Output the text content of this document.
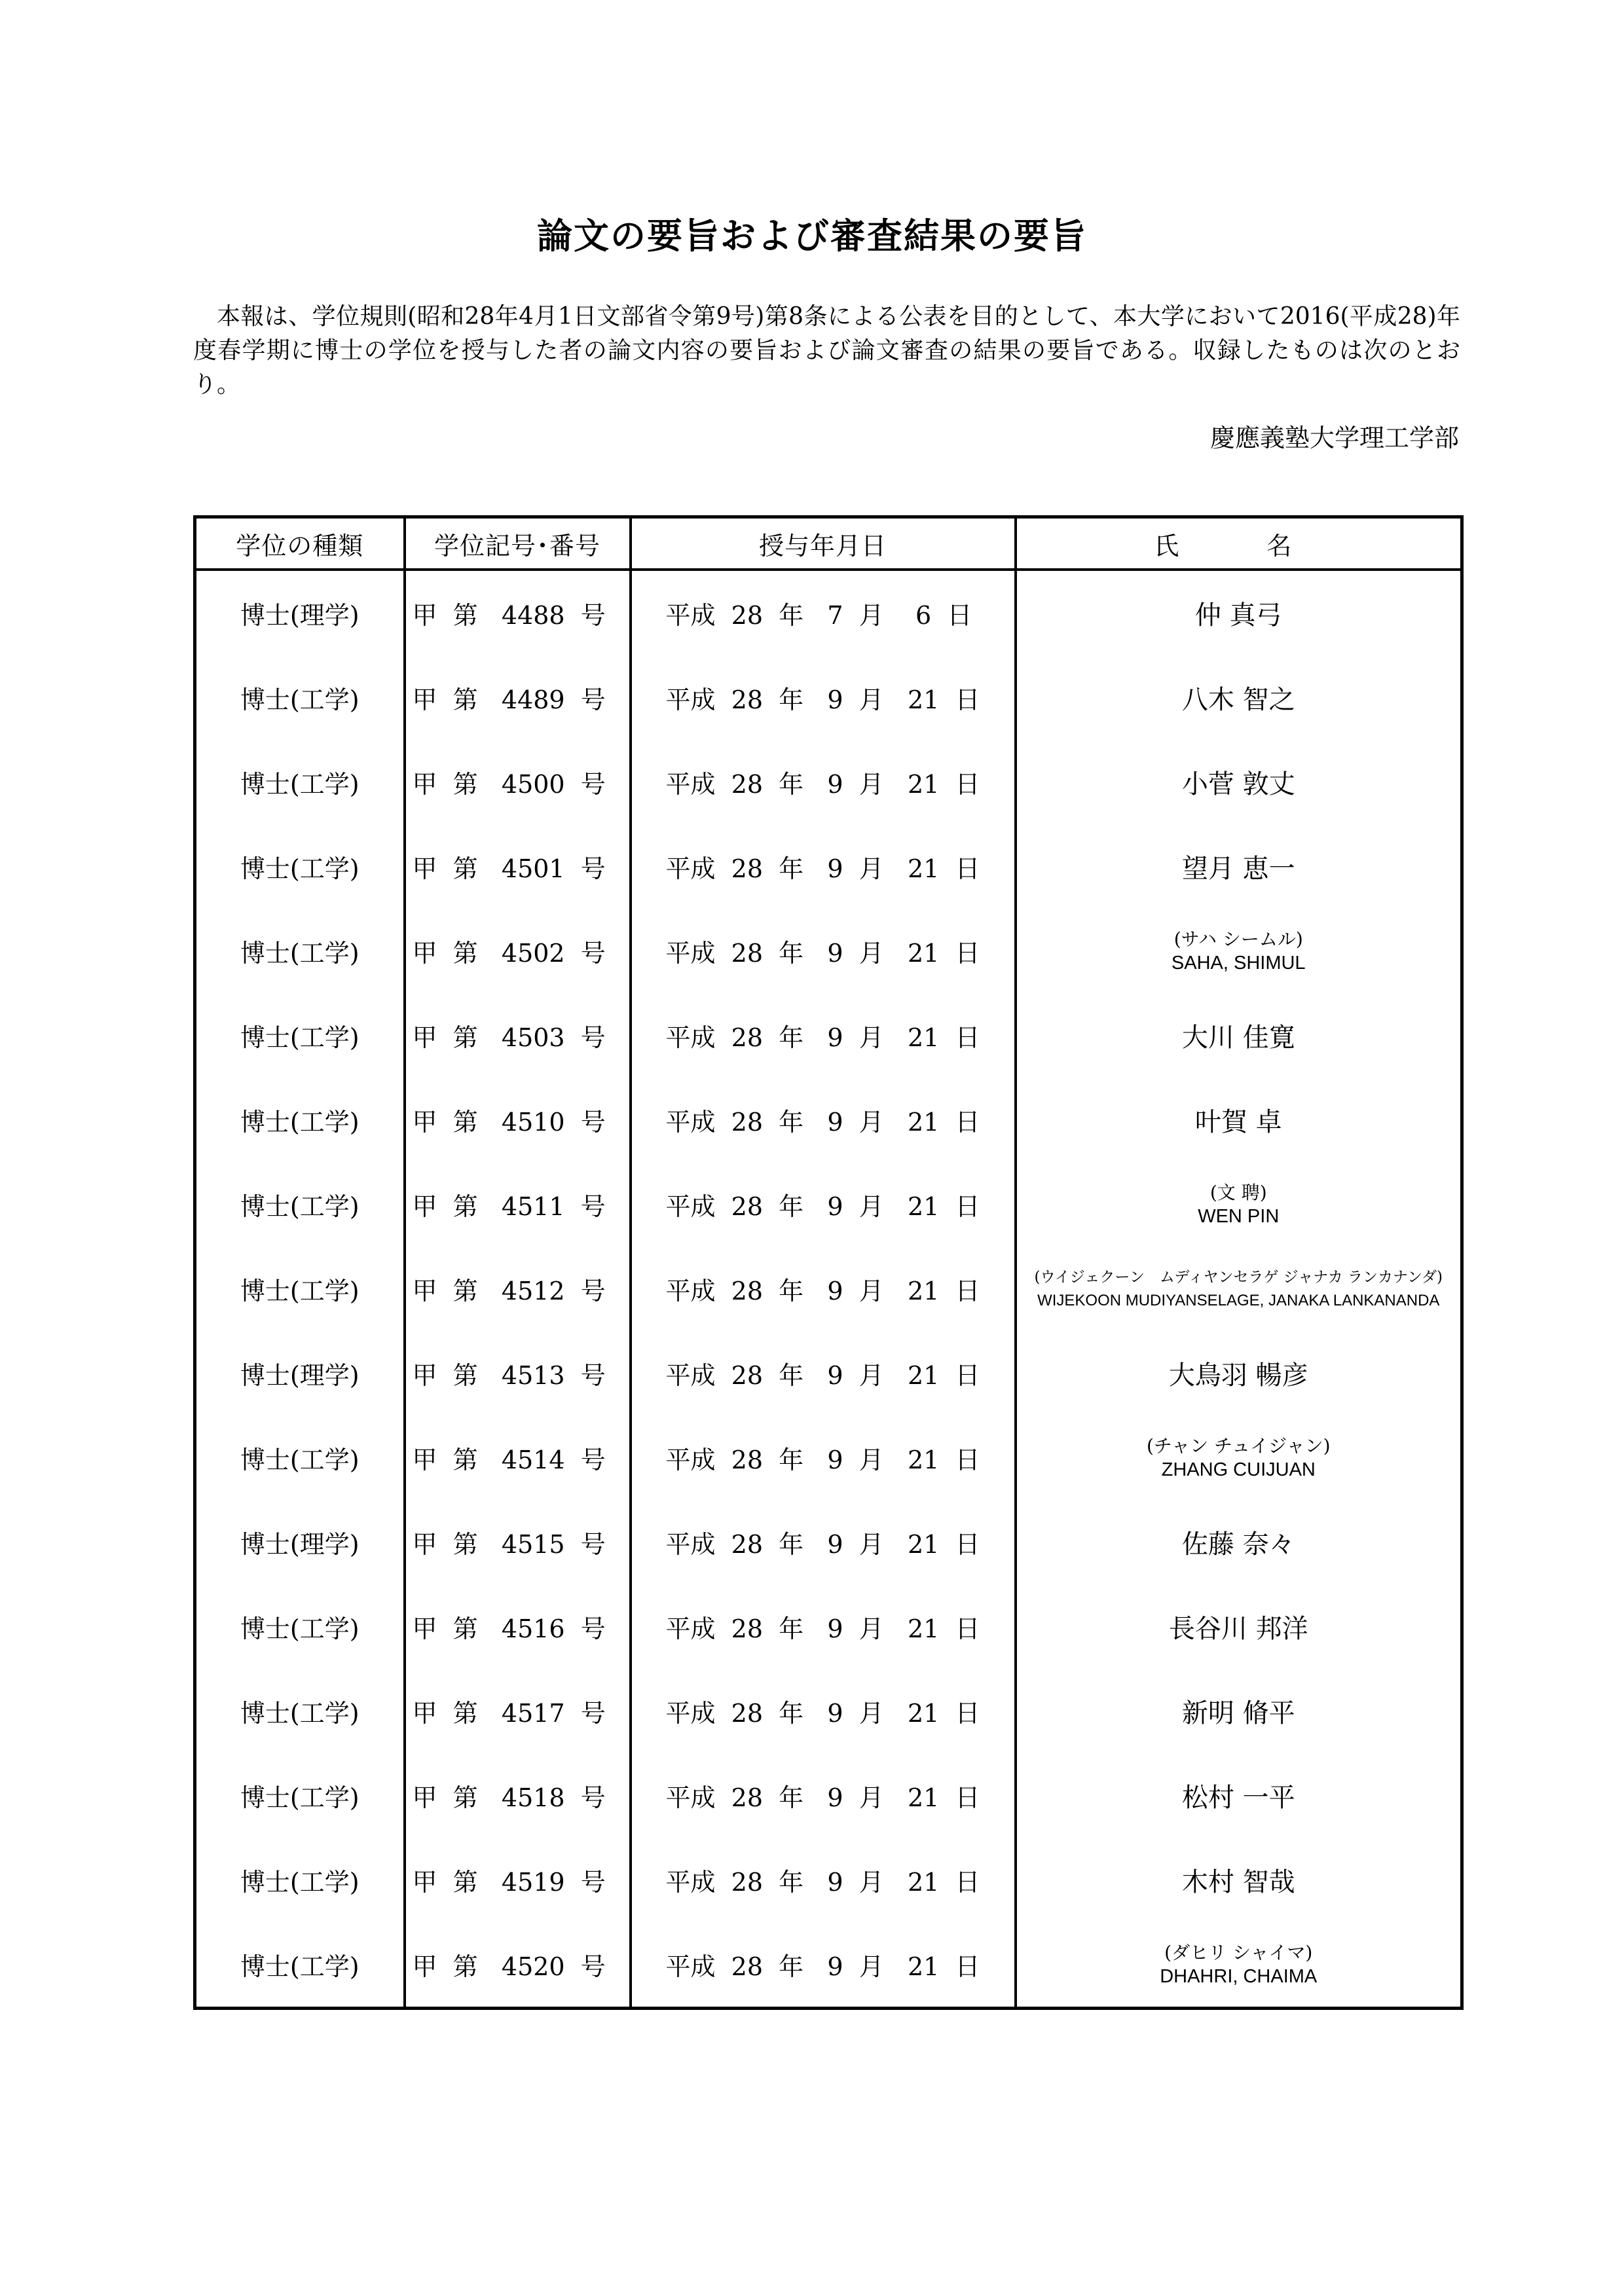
論文の要旨および審査結果の要旨
本報は、学位規則(昭和28年4月1日文部省令第9号)第8条による公表を目的として、本大学において2016(平成28)年度春学期に博士の学位を授与した者の論文内容の要旨および論文審査の結果の要旨である。収録したものは次のとおり。
慶應義塾大学理工学部
学位の種類	学位記号･番号	授与年月日	氏　名
博士(理学)	甲  第   4488  号	平成  28  年   7  月    6  日	仲 真弓
博士(工学)	甲  第   4489  号	平成  28  年   9  月   21  日	八木 智之
博士(工学)	甲  第   4500  号	平成  28  年   9  月   21  日	小菅 敦丈
博士(工学)	甲  第   4501  号	平成  28  年   9  月   21  日	望月 恵一
博士(工学)	甲  第   4502  号	平成  28  年   9  月   21  日	(サハ シームル)
SAHA, SHIMUL

博士(工学)	甲  第   4503  号	平成  28  年   9  月   21  日	大川 佳寛
博士(工学)	甲  第   4510  号	平成  28  年   9  月   21  日	叶賀 卓
博士(工学)	甲  第   4511  号	平成  28  年   9  月   21  日	(文 聘)
WEN PIN

博士(工学)	甲  第   4512  号	平成  28  年   9  月   21  日	(ウイジェクーン　ムディヤンセラゲ ジャナカ ランカナンダ)
WIJEKOON MUDIYANSELAGE, JANAKA LANKANANDA

博士(理学)	甲  第   4513  号	平成  28  年   9  月   21  日	大鳥羽 暢彦
博士(工学)	甲  第   4514  号	平成  28  年   9  月   21  日	(チャン チュイジャン)
ZHANG CUIJUAN

博士(理学)	甲  第   4515  号	平成  28  年   9  月   21  日	佐藤 奈々
博士(工学)	甲  第   4516  号	平成  28  年   9  月   21  日	長谷川 邦洋
博士(工学)	甲  第   4517  号	平成  28  年   9  月   21  日	新明 脩平
博士(工学)	甲  第   4518  号	平成  28  年   9  月   21  日	松村 一平
博士(工学)	甲  第   4519  号	平成  28  年   9  月   21  日	木村 智哉
博士(工学)	甲  第   4520  号	平成  28  年   9  月   21  日	(ダヒリ シャイマ)
DHAHRI, CHAIMA
